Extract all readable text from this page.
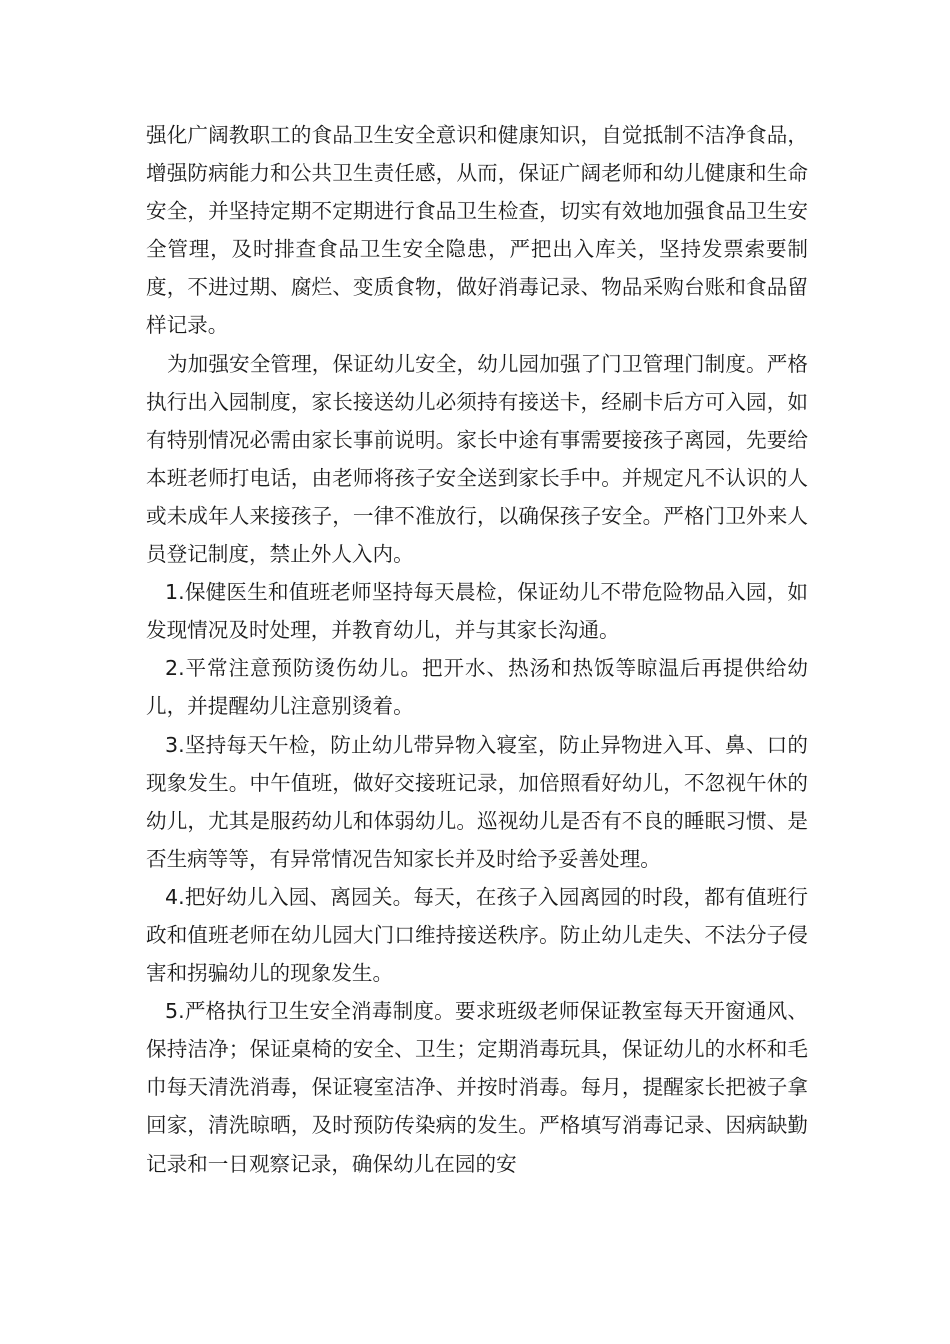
强化广阔教职工的食品卫生安全意识和健康知识，自觉抵制不洁净食品，增强防病能力和公共卫生责任感，从而，保证广阔老师和幼儿健康和生命安全，并坚持定期不定期进行食品卫生检查，切实有效地加强食品卫生安全管理，及时排查食品卫生安全隐患，严把出入库关，坚持发票索要制度，不进过期、腐烂、变质食物，做好消毒记录、物品采购台账和食品留样记录。

为加强安全管理，保证幼儿安全，幼儿园加强了门卫管理门制度。严格执行出入园制度，家长接送幼儿必须持有接送卡，经刷卡后方可入园，如有特别情况必需由家长事前说明。家长中途有事需要接孩子离园，先要给本班老师打电话，由老师将孩子安全送到家长手中。并规定凡不认识的人或未成年人来接孩子，一律不准放行，以确保孩子安全。严格门卫外来人员登记制度，禁止外人入内。

1.保健医生和值班老师坚持每天晨检，保证幼儿不带危险物品入园，如发现情况及时处理，并教育幼儿，并与其家长沟通。

2.平常注意预防烫伤幼儿。把开水、热汤和热饭等晾温后再提供给幼儿，并提醒幼儿注意别烫着。

3.坚持每天午检，防止幼儿带异物入寝室，防止异物进入耳、鼻、口的现象发生。中午值班，做好交接班记录，加倍照看好幼儿，不忽视午休的幼儿，尤其是服药幼儿和体弱幼儿。巡视幼儿是否有不良的睡眠习惯、是否生病等等，有异常情况告知家长并及时给予妥善处理。

4.把好幼儿入园、离园关。每天，在孩子入园离园的时段，都有值班行政和值班老师在幼儿园大门口维持接送秩序。防止幼儿走失、不法分子侵害和拐骗幼儿的现象发生。

5.严格执行卫生安全消毒制度。要求班级老师保证教室每天开窗通风、保持洁净；保证桌椅的安全、卫生；定期消毒玩具，保证幼儿的水杯和毛巾每天清洗消毒，保证寝室洁净、并按时消毒。每月，提醒家长把被子拿回家，清洗晾晒，及时预防传染病的发生。严格填写消毒记录、因病缺勤记录和一日观察记录，确保幼儿在园的安
